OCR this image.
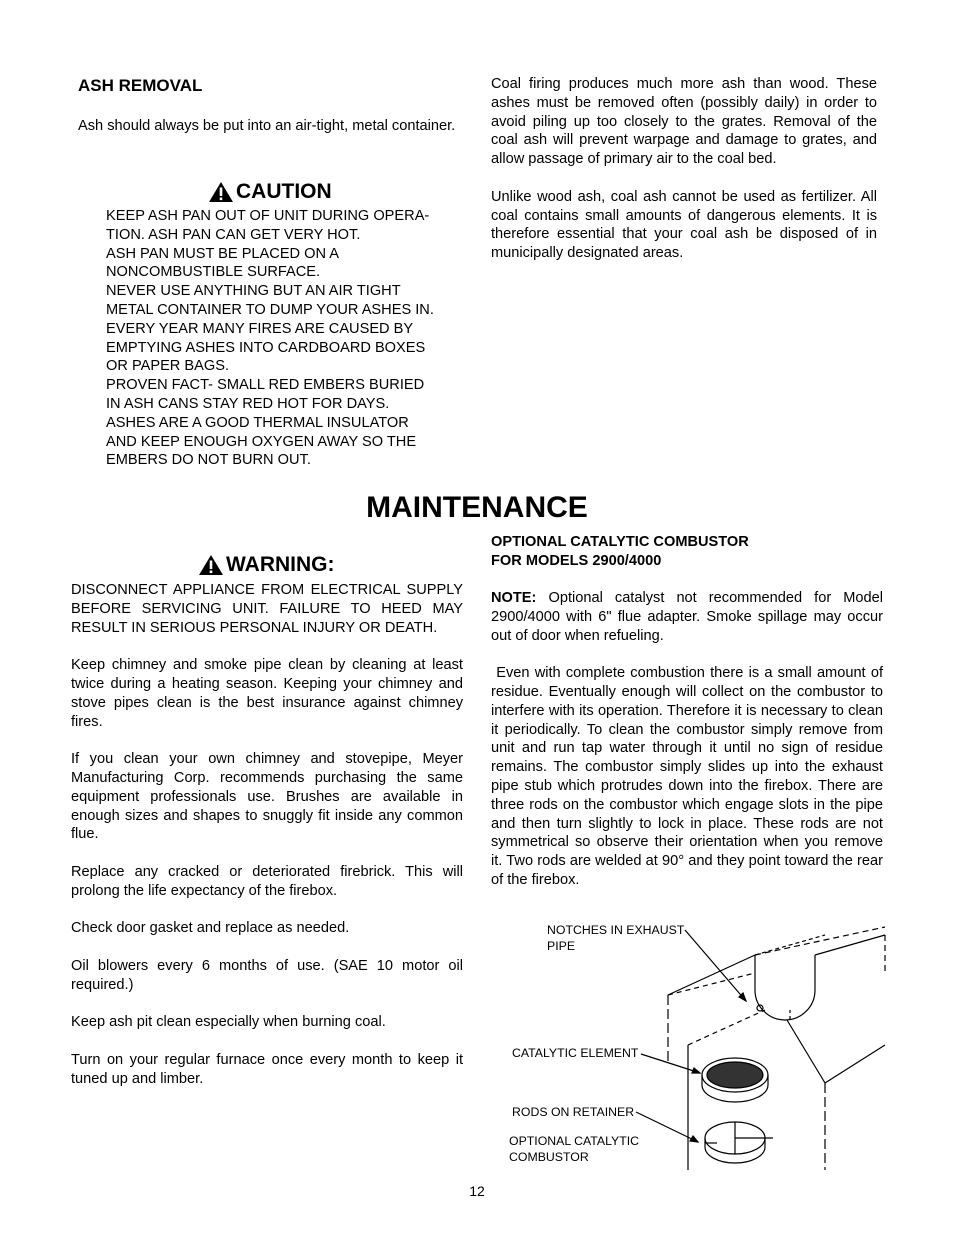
ASH REMOVAL
Ash should always be put into an air-tight, metal container.
CAUTION
KEEP ASH PAN OUT OF UNIT DURING OPERA-
TION. ASH PAN CAN GET VERY HOT.
ASH PAN MUST BE PLACED ON A
NONCOMBUSTIBLE SURFACE.
NEVER USE ANYTHING BUT AN AIR TIGHT
METAL CONTAINER TO DUMP YOUR ASHES IN.
EVERY YEAR MANY FIRES ARE CAUSED BY
EMPTYING ASHES INTO CARDBOARD BOXES
OR PAPER BAGS.
PROVEN FACT- SMALL RED EMBERS BURIED
IN ASH CANS STAY RED HOT FOR DAYS.
ASHES ARE A GOOD THERMAL INSULATOR
AND KEEP ENOUGH OXYGEN AWAY SO THE
EMBERS DO NOT BURN OUT.

Coal firing produces much more ash than wood. These ashes must be removed often (possibly daily) in order to avoid piling up too closely to the grates. Removal of the coal ash will prevent warpage and damage to grates, and allow passage of primary air to the coal bed.

Unlike wood ash, coal ash cannot be used as fertilizer. All coal contains small amounts of dangerous elements. It is therefore essential that your coal ash be disposed of in municipally designated areas.

MAINTENANCE
WARNING:

DISCONNECT APPLIANCE FROM ELECTRICAL SUPPLY BEFORE SERVICING UNIT. FAILURE TO HEED MAY RESULT IN SERIOUS PERSONAL INJURY OR DEATH.

Keep chimney and smoke pipe clean by cleaning at least twice during a heating season. Keeping your chimney and stove pipes clean is the best insurance against chimney fires.

If you clean your own chimney and stovepipe, Meyer Manufacturing Corp. recommends purchasing the same equipment professionals use. Brushes are available in enough sizes and shapes to snuggly fit inside any common flue.

Replace any cracked or deteriorated firebrick. This will prolong the life expectancy of the firebox.

Check door gasket and replace as needed.

Oil blowers every 6 months of use. (SAE 10 motor oil required.)

Keep ash pit clean especially when burning coal.

Turn on your regular furnace once every month to keep it tuned up and limber.

OPTIONAL CATALYTIC COMBUSTOR
FOR MODELS 2900/4000

NOTE: Optional catalyst not recommended for Model 2900/4000 with 6" flue adapter. Smoke spillage may occur out of door when refueling.

Even with complete combustion there is a small amount of residue. Eventually enough will collect on the combustor to interfere with its operation. Therefore it is necessary to clean it periodically. To clean the combustor simply remove from unit and run tap water through it until no sign of residue remains. The combustor simply slides up into the exhaust pipe stub which protrudes down into the firebox. There are three rods on the combustor which engage slots in the pipe and then turn slightly to lock in place. These rods are not symmetrical so observe their orientation when you remove it. Two rods are welded at 90° and they point toward the rear of the firebox.

NOTCHES IN EXHAUST
PIPE
CATALYTIC ELEMENT
RODS ON RETAINER
OPTIONAL CATALYTIC
COMBUSTOR
12
